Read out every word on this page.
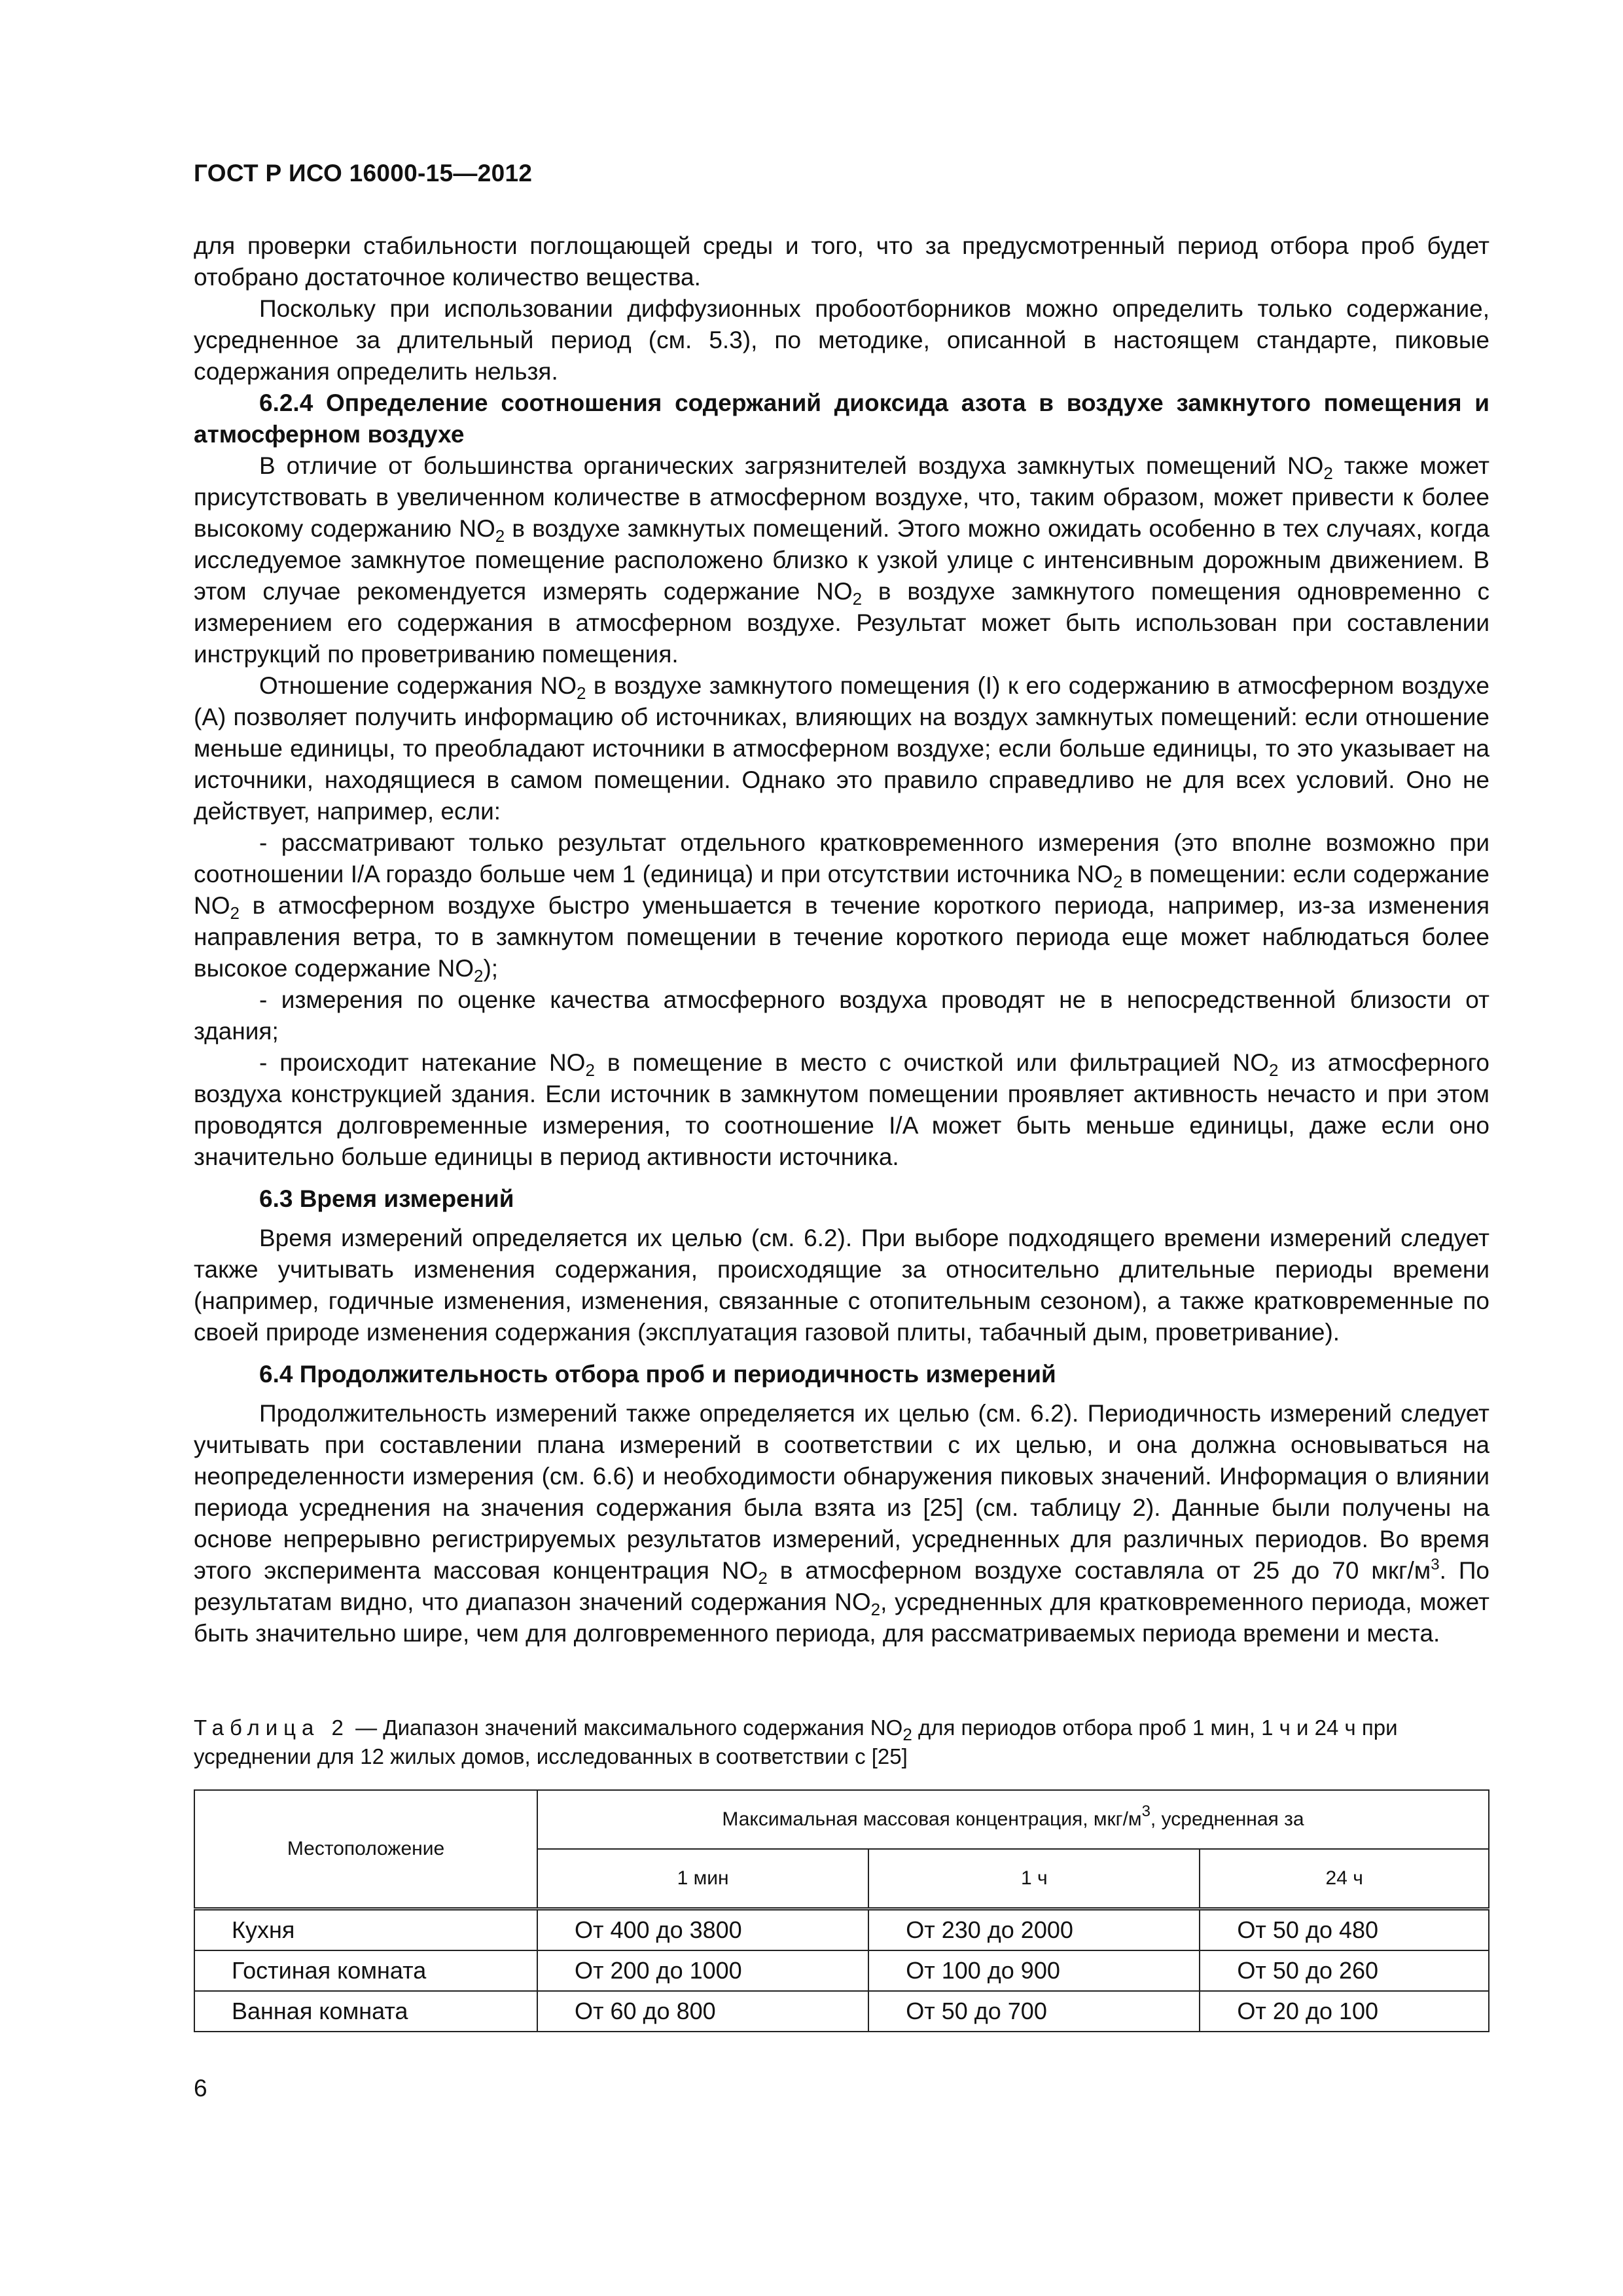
ГОСТ Р ИСО 16000-15—2012

для проверки стабильности поглощающей среды и того, что за предусмотренный период отбора проб будет отобрано достаточное количество вещества.

Поскольку при использовании диффузионных пробоотборников можно определить только содержание, усредненное за длительный период (см. 5.3), по методике, описанной в настоящем стандарте, пиковые содержания определить нельзя.

6.2.4 Определение соотношения содержаний диоксида азота в воздухе замкнутого помещения и атмосферном воздухе

В отличие от большинства органических загрязнителей воздуха замкнутых помещений $NO_2$ также может присутствовать в увеличенном количестве в атмосферном воздухе, что, таким образом, может привести к более высокому содержанию $NO_2$ в воздухе замкнутых помещений. Этого можно ожидать особенно в тех случаях, когда исследуемое замкнутое помещение расположено близко к узкой улице с интенсивным дорожным движением. В этом случае рекомендуется измерять содержание $NO_2$ в воздухе замкнутого помещения одновременно с измерением его содержания в атмосферном воздухе. Результат может быть использован при составлении инструкций по проветриванию помещения.

Отношение содержания $NO_2$ в воздухе замкнутого помещения (I) к его содержанию в атмосферном воздухе (A) позволяет получить информацию об источниках, влияющих на воздух замкнутых помещений: если отношение меньше единицы, то преобладают источники в атмосферном воздухе; если больше единицы, то это указывает на источники, находящиеся в самом помещении. Однако это правило справедливо не для всех условий. Оно не действует, например, если:

- рассматривают только результат отдельного кратковременного измерения (это вполне возможно при соотношении I/A гораздо больше чем 1 (единица) и при отсутствии источника $NO_2$ в помещении: если содержание $NO_2$ в атмосферном воздухе быстро уменьшается в течение короткого периода, например, из-за изменения направления ветра, то в замкнутом помещении в течение короткого периода еще может наблюдаться более высокое содержание $NO_2$);

- измерения по оценке качества атмосферного воздуха проводят не в непосредственной близости от здания;

- происходит натекание $NO_2$ в помещение в место с очисткой или фильтрацией $NO_2$ из атмосферного воздуха конструкцией здания. Если источник в замкнутом помещении проявляет активность нечасто и при этом проводятся долговременные измерения, то соотношение I/A может быть меньше единицы, даже если оно значительно больше единицы в период активности источника.

6.3 Время измерений

Время измерений определяется их целью (см. 6.2). При выборе подходящего времени измерений следует также учитывать изменения содержания, происходящие за относительно длительные периоды времени (например, годичные изменения, изменения, связанные с отопительным сезоном), а также кратковременные по своей природе изменения содержания (эксплуатация газовой плиты, табачный дым, проветривание).

6.4 Продолжительность отбора проб и периодичность измерений

Продолжительность измерений также определяется их целью (см. 6.2). Периодичность измерений следует учитывать при составлении плана измерений в соответствии с их целью, и она должна основываться на неопределенности измерения (см. 6.6) и необходимости обнаружения пиковых значений. Информация о влиянии периода усреднения на значения содержания была взята из [25] (см. таблицу 2). Данные были получены на основе непрерывно регистрируемых результатов измерений, усредненных для различных периодов. Во время этого эксперимента массовая концентрация $NO_2$ в атмосферном воздухе составляла от 25 до 70 мкг/$м^3$. По результатам видно, что диапазон значений содержания $NO_2$, усредненных для кратковременного периода, может быть значительно шире, чем для долговременного периода, для рассматриваемых периода времени и места.

Таблица 2 — Диапазон значений максимального содержания $NO_2$ для периодов отбора проб 1 мин, 1 ч и 24 ч при усреднении для 12 жилых домов, исследованных в соответствии с [25]
Местоположение	Максимальная массовая концентрация, мкг/$м^3$, усредненная за		
	1 мин	1 ч	24 ч
Кухня	От 400 до 3800	От 230 до 2000	От 50 до 480
Гостиная комната	От 200 до 1000	От 100 до 900	От 50 до 260
Ванная комната	От 60 до 800	От 50 до 700	От 20 до 100
6
